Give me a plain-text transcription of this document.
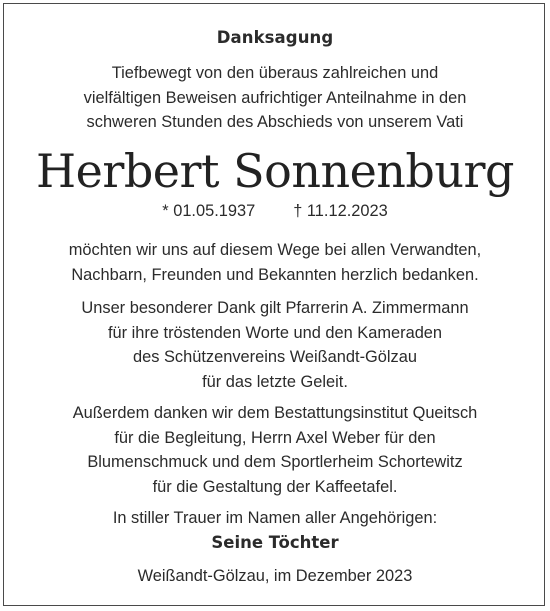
Danksagung
Tiefbewegt von den überaus zahlreichen und
vielfältigen Beweisen aufrichtiger Anteilnahme in den
schweren Stunden des Abschieds von unserem Vati
Herbert Sonnenburg
* 01.05.1937 † 11.12.2023
möchten wir uns auf diesem Wege bei allen Verwandten,
Nachbarn, Freunden und Bekannten herzlich bedanken.
Unser besonderer Dank gilt Pfarrerin A. Zimmermann
für ihre tröstenden Worte und den Kameraden
des Schützenvereins Weißandt-Gölzau
für das letzte Geleit.
Außerdem danken wir dem Bestattungsinstitut Queitsch
für die Begleitung, Herrn Axel Weber für den
Blumenschmuck und dem Sportlerheim Schortewitz
für die Gestaltung der Kaffeetafel.
In stiller Trauer im Namen aller Angehörigen:
Seine Töchter
Weißandt-Gölzau, im Dezember 2023
